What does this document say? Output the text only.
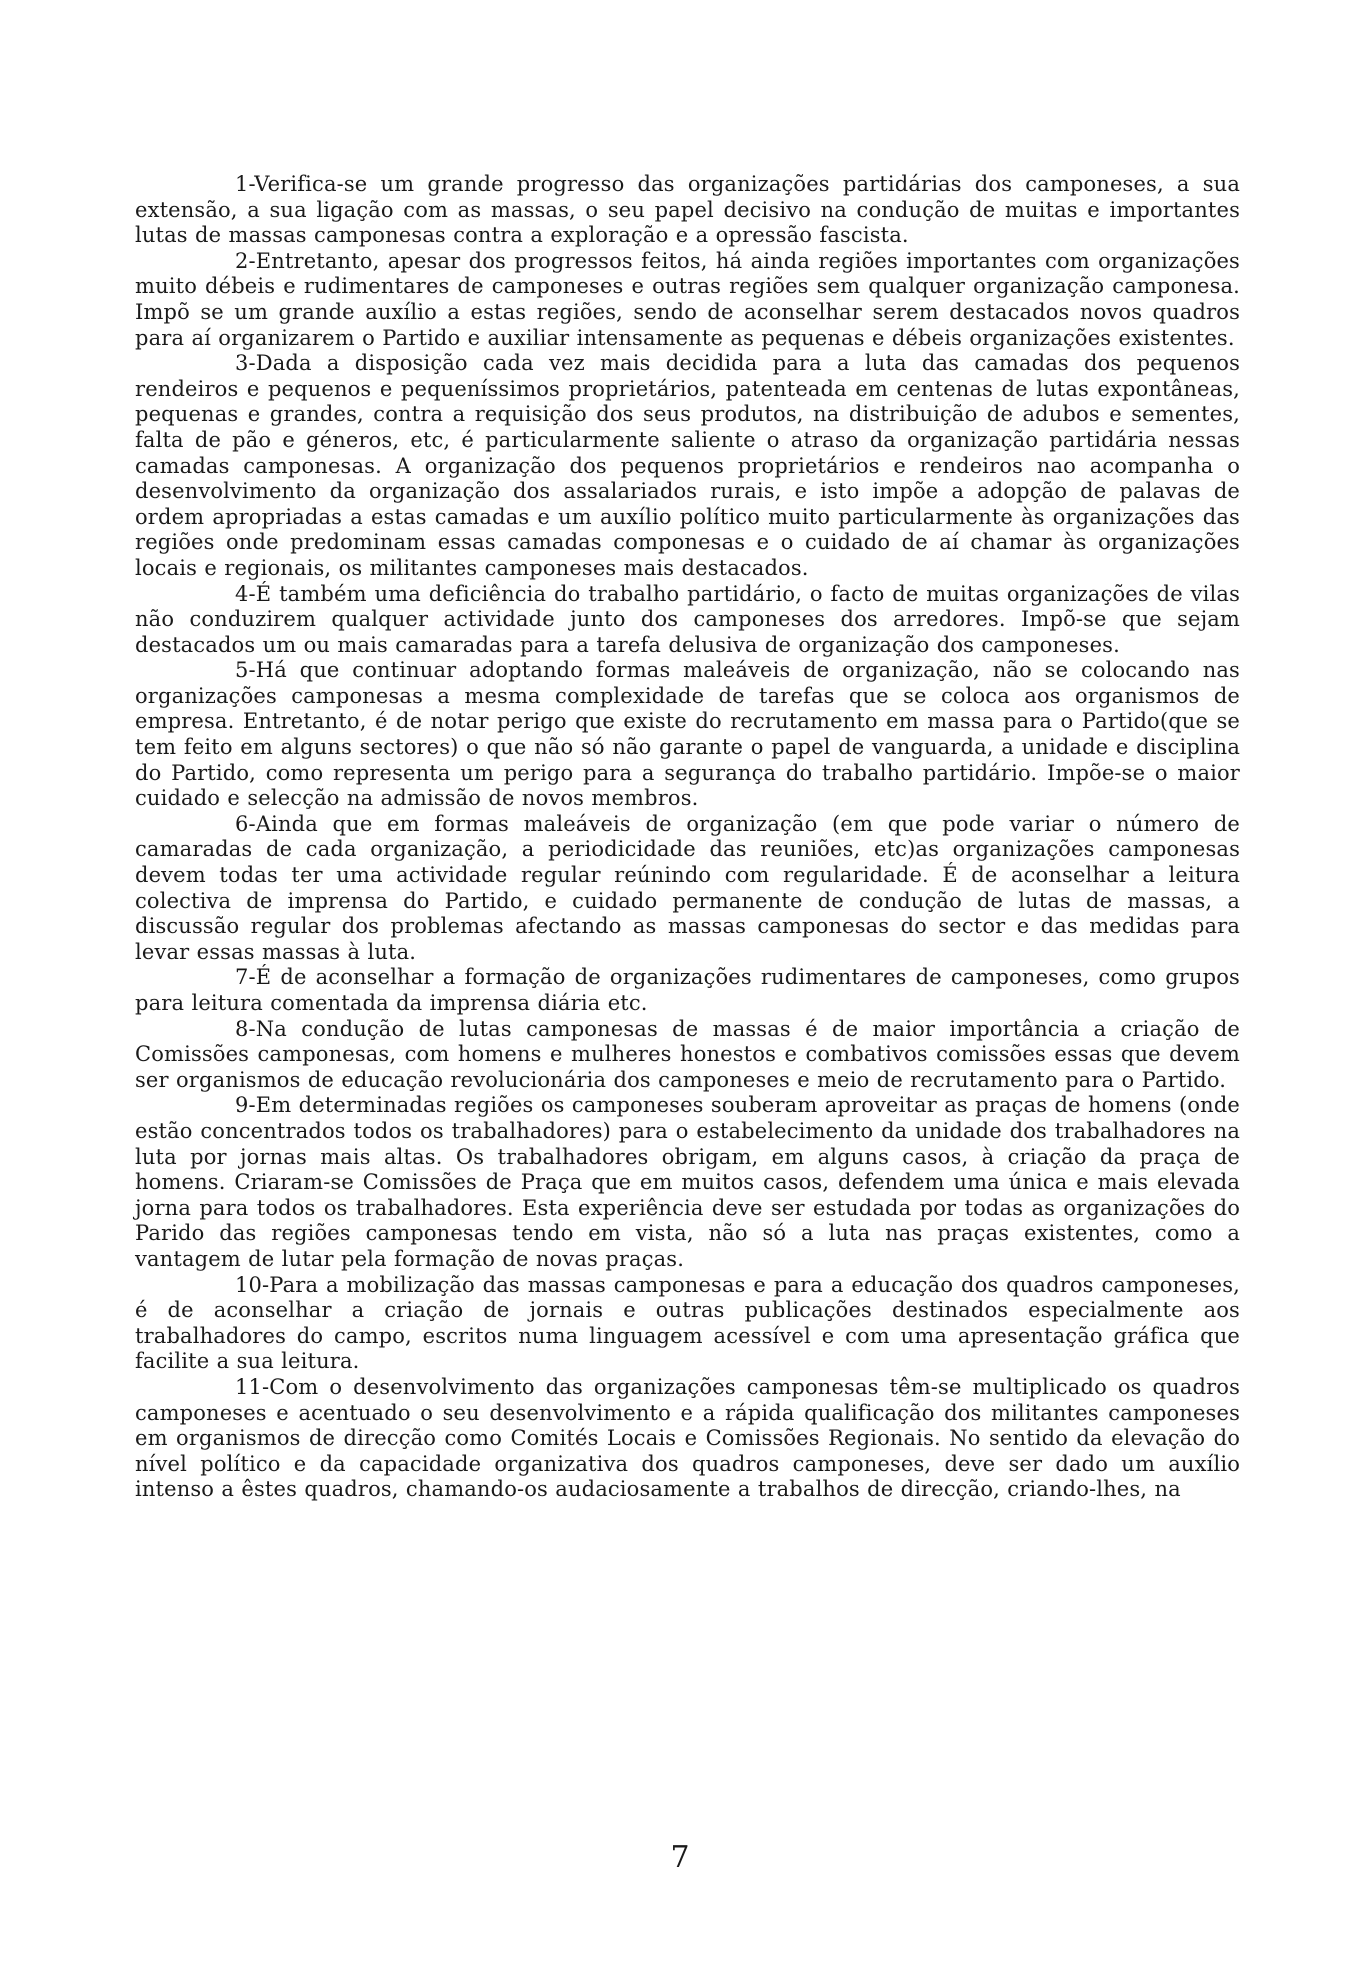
1-Verifica-se um grande progresso das organizações partidárias dos camponeses, a sua extensão, a sua ligação com as massas, o seu papel decisivo na condução de muitas e importantes lutas de massas camponesas contra a exploração e a opressão fascista.

2-Entretanto, apesar dos progressos feitos, há ainda regiões importantes com organizações muito débeis e rudimentares de camponeses e outras regiões sem qualquer organização camponesa. Impõ se um grande auxílio a estas regiões, sendo de aconselhar serem destacados novos quadros para aí organizarem o Partido e auxiliar intensamente as pequenas e débeis organizações existentes.

3-Dada a disposição cada vez mais decidida para a luta das camadas dos pequenos rendeiros e pequenos e pequeníssimos proprietários, patenteada em centenas de lutas expontâneas, pequenas e grandes, contra a requisição dos seus produtos, na distribuição de adubos e sementes, falta de pão e géneros, etc, é particularmente saliente o atraso da organização partidária nessas camadas camponesas. A organização dos pequenos proprietários e rendeiros nao acompanha o desenvolvimento da organização dos assalariados rurais, e isto impõe a adopção de palavas de ordem apropriadas a estas camadas e um auxílio político muito particularmente às organizações das regiões onde predominam essas camadas componesas e o cuidado de aí chamar às organizações locais e regionais, os militantes camponeses mais destacados.

4-É também uma deficiência do trabalho partidário, o facto de muitas organizações de vilas não conduzirem qualquer actividade junto dos camponeses dos arredores. Impõ-se que sejam destacados um ou mais camaradas para a tarefa delusiva de organização dos camponeses.

5-Há que continuar adoptando formas maleáveis de organização, não se colocando nas organizações camponesas a mesma complexidade de tarefas que se coloca aos organismos de empresa. Entretanto, é de notar perigo que existe do recrutamento em massa para o Partido(que se tem feito em alguns sectores) o que não só não garante o papel de vanguarda, a unidade e disciplina do Partido, como representa um perigo para a segurança do trabalho partidário. Impõe-se o maior cuidado e selecção na admissão de novos membros.

6-Ainda que em formas maleáveis de organização (em que pode variar o número de camaradas de cada organização, a periodicidade das reuniões, etc)as organizações camponesas devem todas ter uma actividade regular reúnindo com regularidade. É de aconselhar a leitura colectiva de imprensa do Partido, e cuidado permanente de condução de lutas de massas, a discussão regular dos problemas afectando as massas camponesas do sector e das medidas para levar essas massas à luta.

7-É de aconselhar a formação de organizações rudimentares de camponeses, como grupos para leitura comentada da imprensa diária etc.

8-Na condução de lutas camponesas de massas é de maior importância a criação de Comissões camponesas, com homens e mulheres honestos e combativos comissões essas que devem ser organismos de educação revolucionária dos camponeses e meio de recrutamento para o Partido.

9-Em determinadas regiões os camponeses souberam aproveitar as praças de homens (onde estão concentrados todos os trabalhadores) para o estabelecimento da unidade dos trabalhadores na luta por jornas mais altas. Os trabalhadores obrigam, em alguns casos, à criação da praça de homens. Criaram-se Comissões de Praça que em muitos casos, defendem uma única e mais elevada jorna para todos os trabalhadores. Esta experiência deve ser estudada por todas as organizações do Parido das regiões camponesas tendo em vista, não só a luta nas praças existentes, como a vantagem de lutar pela formação de novas praças.

10-Para a mobilização das massas camponesas e para a educação dos quadros camponeses, é de aconselhar a criação de jornais e outras publicações destinados especialmente aos trabalhadores do campo, escritos numa linguagem acessível e com uma apresentação gráfica que facilite a sua leitura.

11-Com o desenvolvimento das organizações camponesas têm-se multiplicado os quadros camponeses e acentuado o seu desenvolvimento e a rápida qualificação dos militantes camponeses em organismos de direcção como Comités Locais e Comissões Regionais. No sentido da elevação do nível político e da capacidade organizativa dos quadros camponeses, deve ser dado um auxílio intenso a êstes quadros, chamando-os audaciosamente a trabalhos de direcção, criando-lhes, na

7
